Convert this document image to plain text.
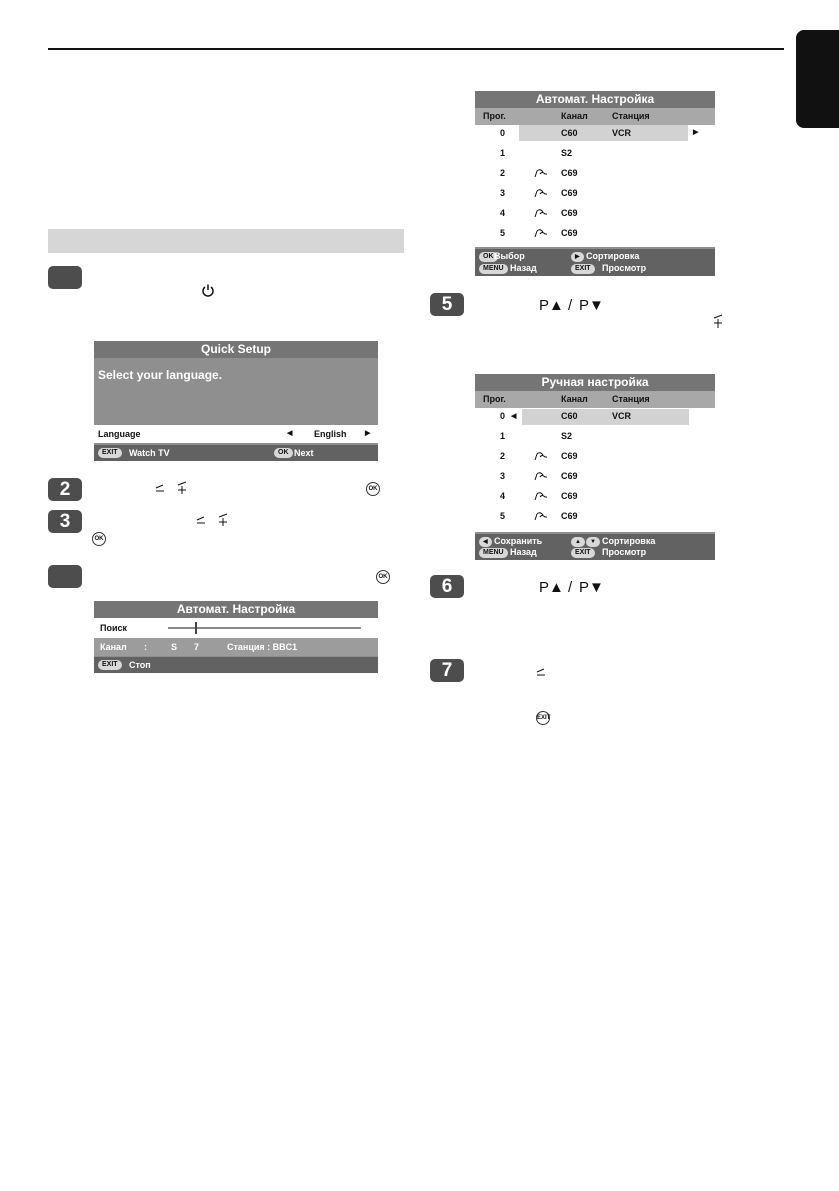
2
3
5
6
7
OK
OK
OK
P▲ / P▼
P▲ / P▼
EXIT
Quick Setup
Select your language.
Language	◀ English	▶
EXIT	Watch TV	OK Next
Автомат. Настройка
Поиск
Канал :	S 7	Станция : BBC1
EXIT	Стоп
Автомат. Настройка
Прог.	Канал	Станция
▶
0	C60	VCR
1	S2
2	C69
3	C69
4	C69
5	C69
OK Выбор	▶ Сортировка
MENU Назад	EXIT	Просмотр
Ручная настройка
Прог.	Канал	Станция
◀
0	C60	VCR
1	S2
2	C69
3	C69
4	C69
5	C69
◀ Сохранить	▲	▼ Сортировка
MENU Назад	EXIT	Просмотр
